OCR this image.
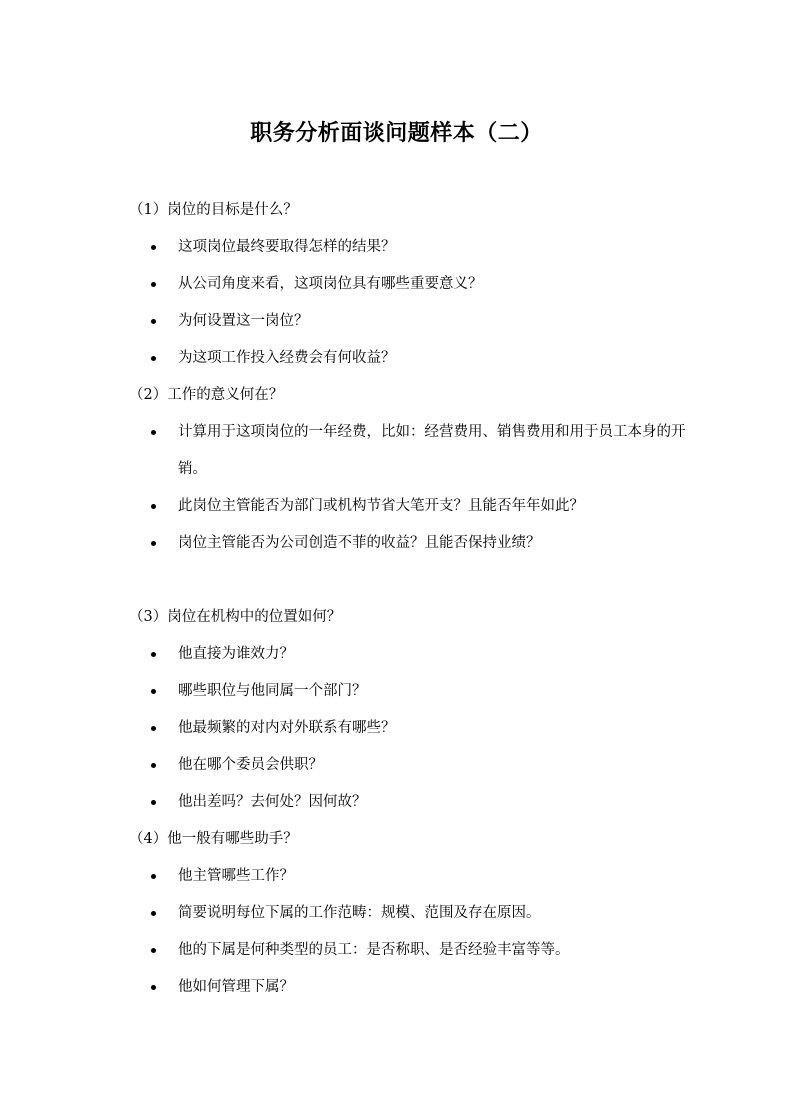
职务分析面谈问题样本（二）
（1）岗位的目标是什么？
这项岗位最终要取得怎样的结果？
从公司角度来看，这项岗位具有哪些重要意义？
为何设置这一岗位？
为这项工作投入经费会有何收益？
（2）工作的意义何在？
计算用于这项岗位的一年经费，比如：经营费用、销售费用和用于员工本身的开销。
此岗位主管能否为部门或机构节省大笔开支？且能否年年如此？
岗位主管能否为公司创造不菲的收益？且能否保持业绩？
（3）岗位在机构中的位置如何？
他直接为谁效力？
哪些职位与他同属一个部门？
他最频繁的对内对外联系有哪些？
他在哪个委员会供职？
他出差吗？去何处？因何故？
（4）他一般有哪些助手？
他主管哪些工作？
简要说明每位下属的工作范畴：规模、范围及存在原因。
他的下属是何种类型的员工：是否称职、是否经验丰富等等。
他如何管理下属？
